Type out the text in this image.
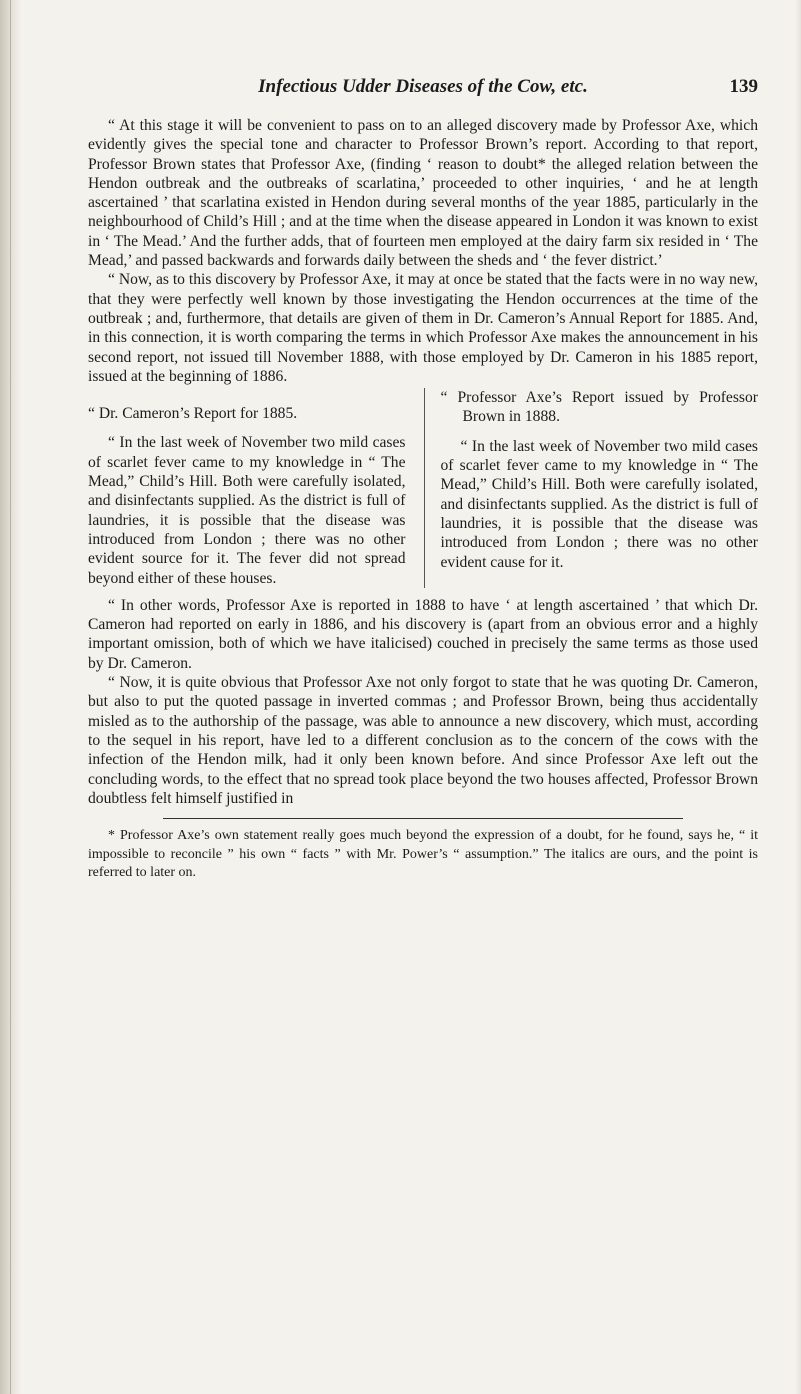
Infectious Udder Diseases of the Cow, etc.	139

“ At this stage it will be convenient to pass on to an alleged discovery made by Professor Axe, which evidently gives the special tone and character to Professor Brown’s report. According to that report, Professor Brown states that Professor Axe, (finding ‘ reason to doubt* the alleged relation between the Hendon outbreak and the outbreaks of scarlatina,’ proceeded to other inquiries, ‘ and he at length ascertained ’ that scarlatina existed in Hendon during several months of the year 1885, particularly in the neighbourhood of Child’s Hill ; and at the time when the disease appeared in London it was known to exist in ‘ The Mead.’ And the further adds, that of fourteen men employed at the dairy farm six resided in ‘ The Mead,’ and passed backwards and forwards daily between the sheds and ‘ the fever district.’

“ Now, as to this discovery by Professor Axe, it may at once be stated that the facts were in no way new, that they were perfectly well known by those investigating the Hendon occurrences at the time of the outbreak ; and, furthermore, that details are given of them in Dr. Cameron’s Annual Report for 1885. And, in this connection, it is worth comparing the terms in which Professor Axe makes the announcement in his second report, not issued till November 1888, with those employed by Dr. Cameron in his 1885 report, issued at the beginning of 1886.

“ Dr. Cameron’s Report for 1885.

“ In the last week of November two mild cases of scarlet fever came to my knowledge in “ The Mead,” Child’s Hill. Both were carefully isolated, and disinfectants supplied. As the district is full of laundries, it is possible that the disease was introduced from London ; there was no other evident source for it. The fever did not spread beyond either of these houses.

“ Professor Axe’s Report issued by Professor Brown in 1888.

“ In the last week of November two mild cases of scarlet fever came to my knowledge in “ The Mead,” Child’s Hill. Both were carefully isolated, and disinfectants supplied. As the district is full of laundries, it is possible that the disease was introduced from London ; there was no other evident cause for it.

“ In other words, Professor Axe is reported in 1888 to have ‘ at length ascertained ’ that which Dr. Cameron had reported on early in 1886, and his discovery is (apart from an obvious error and a highly important omission, both of which we have italicised) couched in precisely the same terms as those used by Dr. Cameron.

“ Now, it is quite obvious that Professor Axe not only forgot to state that he was quoting Dr. Cameron, but also to put the quoted passage in inverted commas ; and Professor Brown, being thus accidentally misled as to the authorship of the passage, was able to announce a new discovery, which must, according to the sequel in his report, have led to a different conclusion as to the concern of the cows with the infection of the Hendon milk, had it only been known before. And since Professor Axe left out the concluding words, to the effect that no spread took place beyond the two houses affected, Professor Brown doubtless felt himself justified in

* Professor Axe’s own statement really goes much beyond the expression of a doubt, for he found, says he, “ it impossible to reconcile ” his own “ facts ” with Mr. Power’s “ assumption.” The italics are ours, and the point is referred to later on.
